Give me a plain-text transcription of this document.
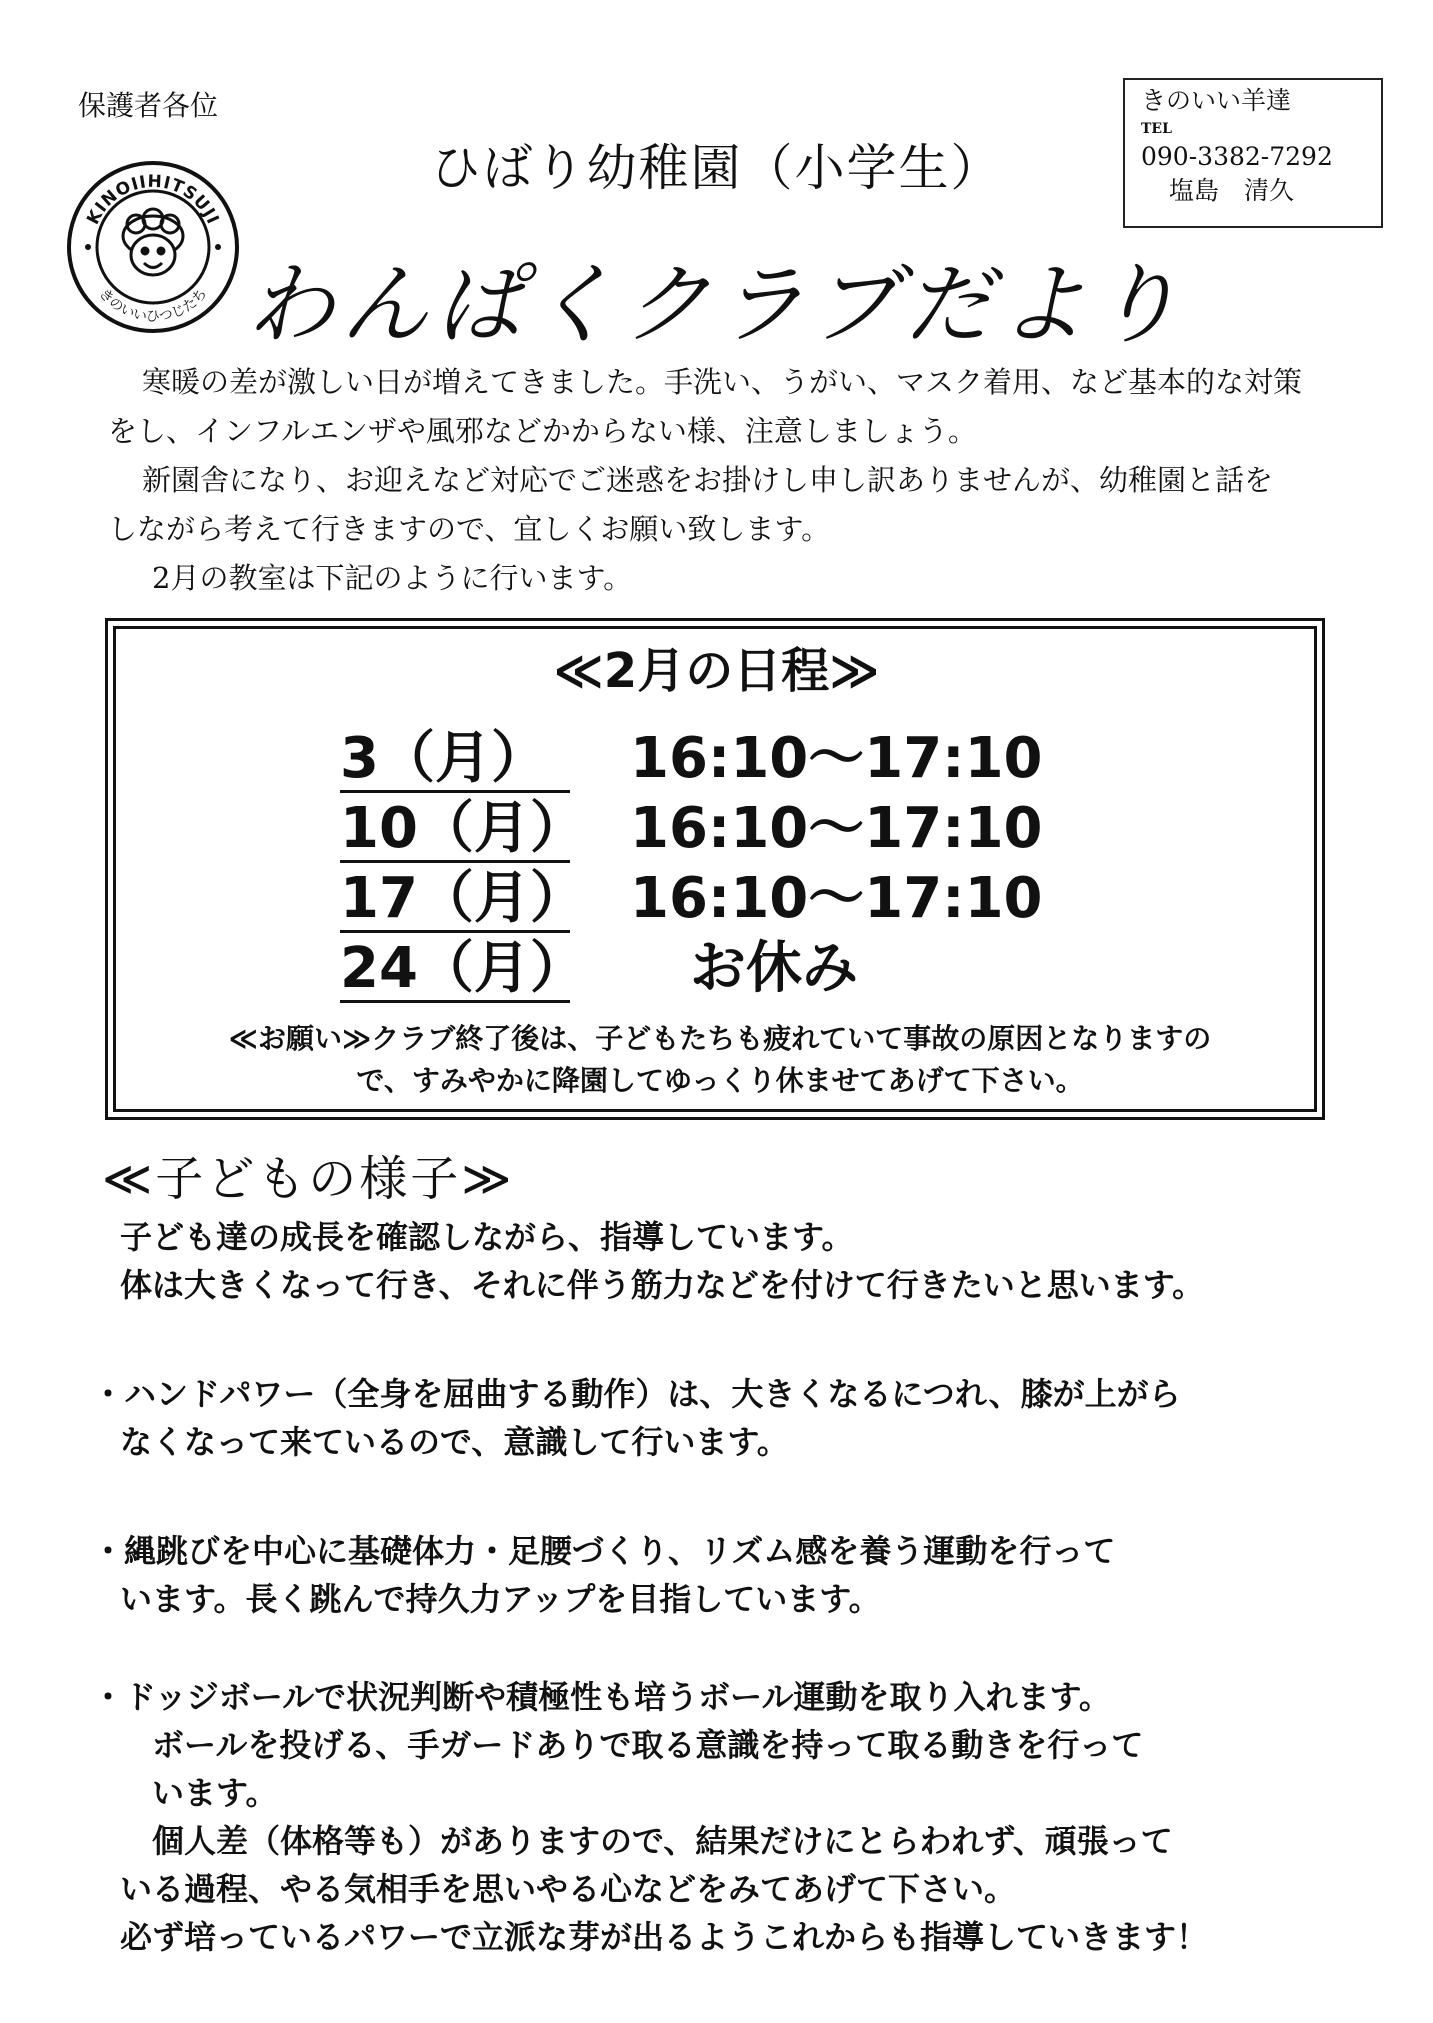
保護者各位
ひばり幼稚園（小学生）
きのいい羊達
TEL
090-3382-7292
塩島　清久
KINOIIHITSUJI
きのいいひつじたち わんぱくクラブだより

寒暖の差が激しい日が増えてきました。手洗い、うがい、マスク着用、など基本的な対策

をし、インフルエンザや風邪などかからない様、注意しましょう。

新園舎になり、お迎えなど対応でご迷惑をお掛けし申し訳ありませんが、幼稚園と話を

しながら考えて行きますので、宜しくお願い致します。

2月の教室は下記のように行います。

≪2月の日程≫
3（月）	16:10～17:10
10（月） 16:10～17:10
17（月） 16:10～17:10
24（月） お休み

≪お願い≫クラブ終了後は、子どもたちも疲れていて事故の原因となりますの

で、すみやかに降園してゆっくり休ませてあげて下さい。

≪子どもの様子≫

子ども達の成長を確認しながら、指導しています。

体は大きくなって行き、それに伴う筋力などを付けて行きたいと思います。

・ハンドパワー（全身を屈曲する動作）は、大きくなるにつれ、膝が上がら

なくなって来ているので、意識して行います。

・縄跳びを中心に基礎体力・足腰づくり、リズム感を養う運動を行って

います。長く跳んで持久力アップを目指しています。

・ドッジボールで状況判断や積極性も培うボール運動を取り入れます。

ボールを投げる、手ガードありで取る意識を持って取る動きを行って

います。

個人差（体格等も）がありますので、結果だけにとらわれず、頑張って

いる過程、やる気相手を思いやる心などをみてあげて下さい。

必ず培っているパワーで立派な芽が出るようこれからも指導していきます！
